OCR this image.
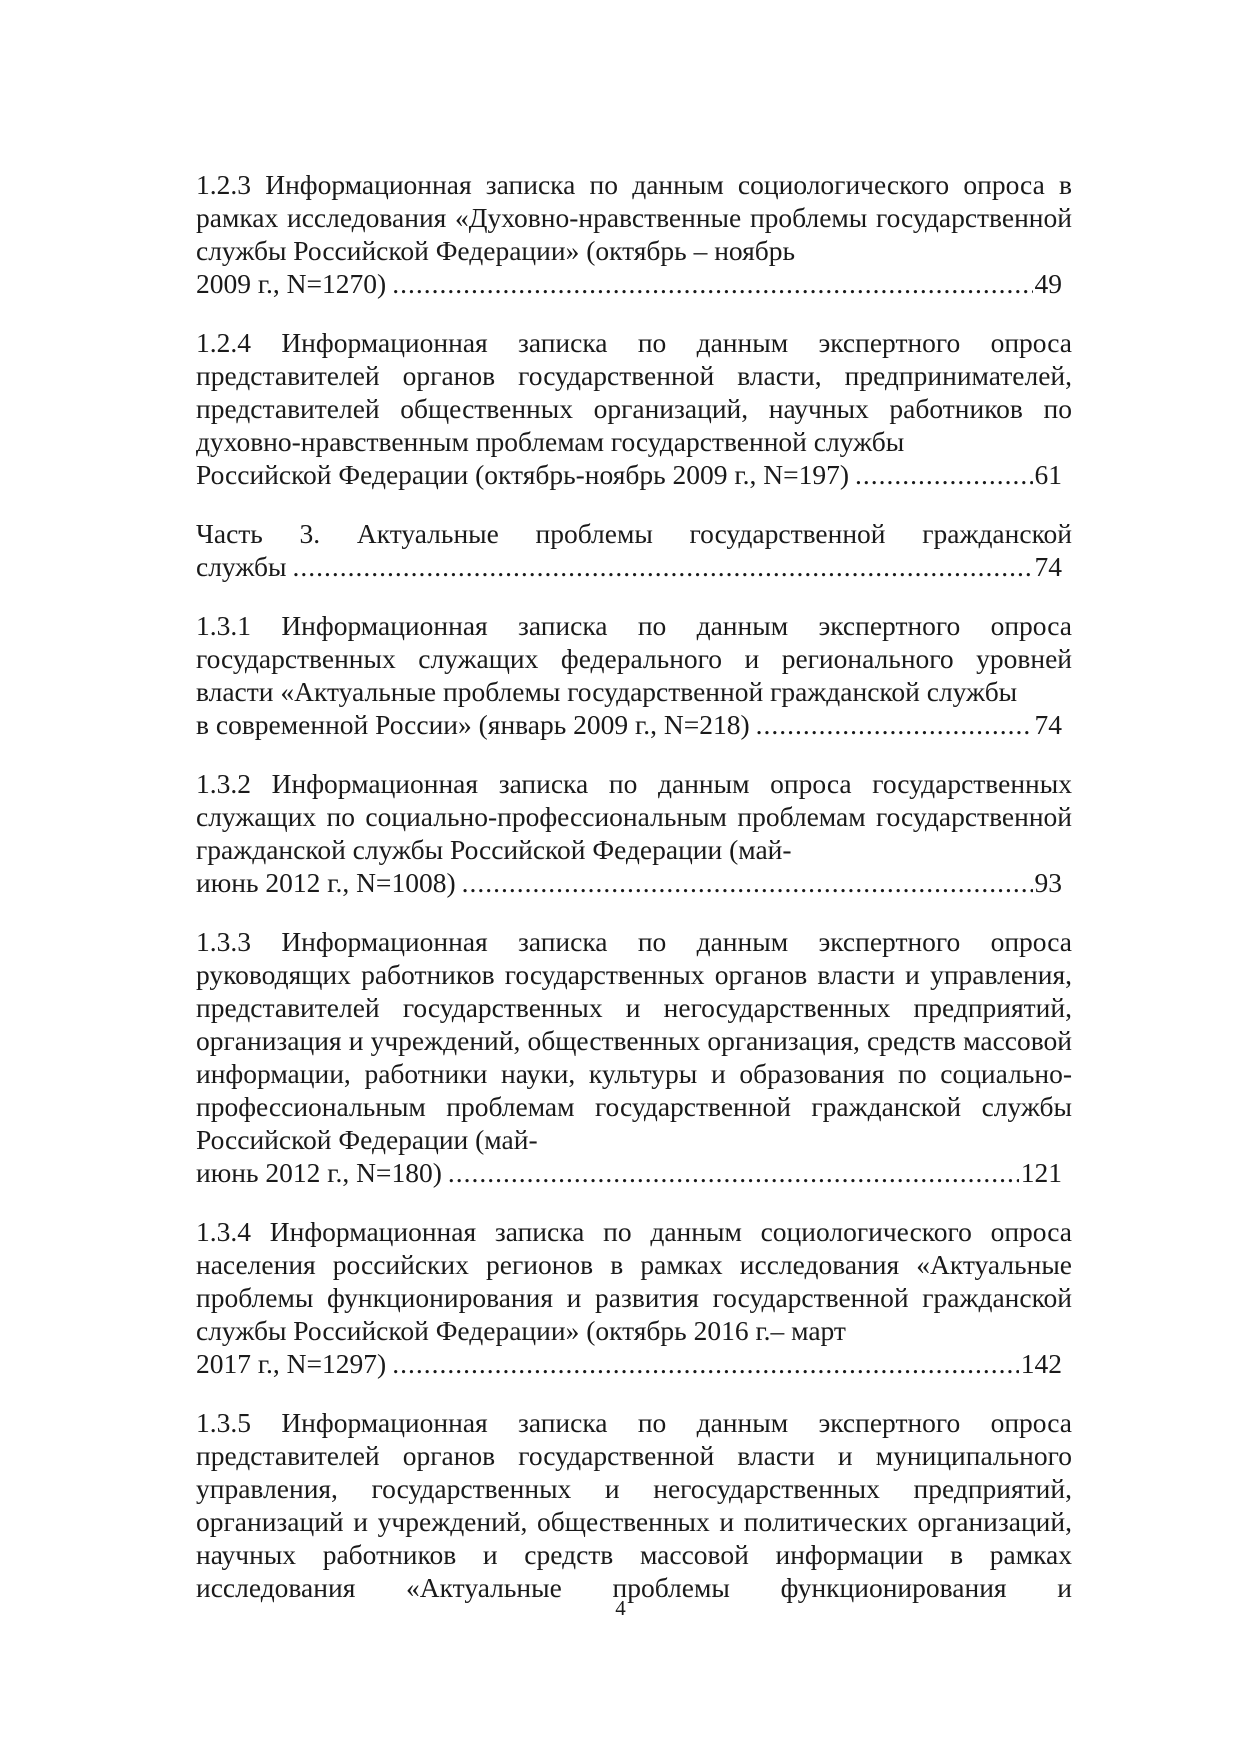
1.2.3 Информационная записка по данным социологического опроса в рамках исследования «Духовно-нравственные проблемы государственной службы Российской Федерации» (октябрь – ноябрь
2009 г., N=1270) .....	49
1.2.4 Информационная записка по данным экспертного опроса представителей органов государственной власти, предпринимателей, представителей общественных организаций, научных работников по духовно-нравственным проблемам государственной службы
Российской Федерации (октябрь-ноябрь 2009 г., N=197) .....	61
Часть 3. Актуальные проблемы государственной гражданской
службы .....	74
1.3.1 Информационная записка по данным экспертного опроса государственных служащих федерального и регионального уровней власти «Актуальные проблемы государственной гражданской службы
в современной России» (январь 2009 г., N=218) .....	74
1.3.2 Информационная записка по данным опроса государственных служащих по социально-профессиональным проблемам государственной гражданской службы Российской Федерации (май-
июнь 2012 г., N=1008) .....	93
1.3.3 Информационная записка по данным экспертного опроса руководящих работников государственных органов власти и управления, представителей государственных и негосударственных предприятий, организация и учреждений, общественных организация, средств массовой информации, работники науки, культуры и образования по социально-профессиональным проблемам государственной гражданской службы Российской Федерации (май-
июнь 2012 г., N=180) .....	121
1.3.4 Информационная записка по данным социологического опроса населения российских регионов в рамках исследования «Актуальные проблемы функционирования и развития государственной гражданской службы Российской Федерации» (октябрь 2016 г.– март
2017 г., N=1297) .....	142
1.3.5 Информационная записка по данным экспертного опроса представителей органов государственной власти и муниципального управления, государственных и негосударственных предприятий, организаций и учреждений, общественных и политических организаций, научных работников и средств массовой информации в рамках исследования «Актуальные проблемы функционирования и
4
